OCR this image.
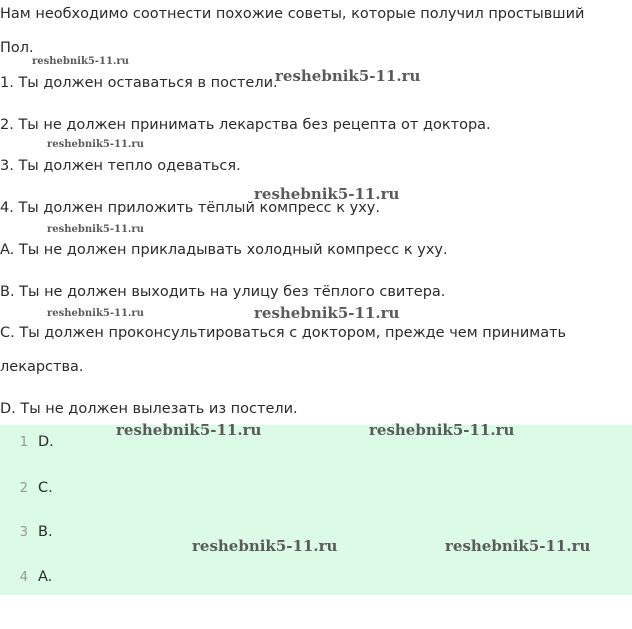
Нам необходимо соотнести похожие советы, которые получил простывший
Пол.
1. Ты должен оставаться в постели.
2. Ты не должен принимать лекарства без рецепта от доктора.
3. Ты должен тепло одеваться.
4. Ты должен приложить тёплый компресс к уху.
A. Ты не должен прикладывать холодный компресс к уху.
B. Ты не должен выходить на улицу без тёплого свитера.
C. Ты должен проконсультироваться с доктором, прежде чем принимать
лекарства.
D. Ты не должен вылезать из постели.
1 D.
2 C.
3 B.
4 A.
reshebnik5-11.ru
reshebnik5-11.ru
reshebnik5-11.ru
reshebnik5-11.ru
reshebnik5-11.ru
reshebnik5-11.ru	reshebnik5-11.ru
reshebnik5-11.ru	reshebnik5-11.ru
reshebnik5-11.ru	reshebnik5-11.ru
